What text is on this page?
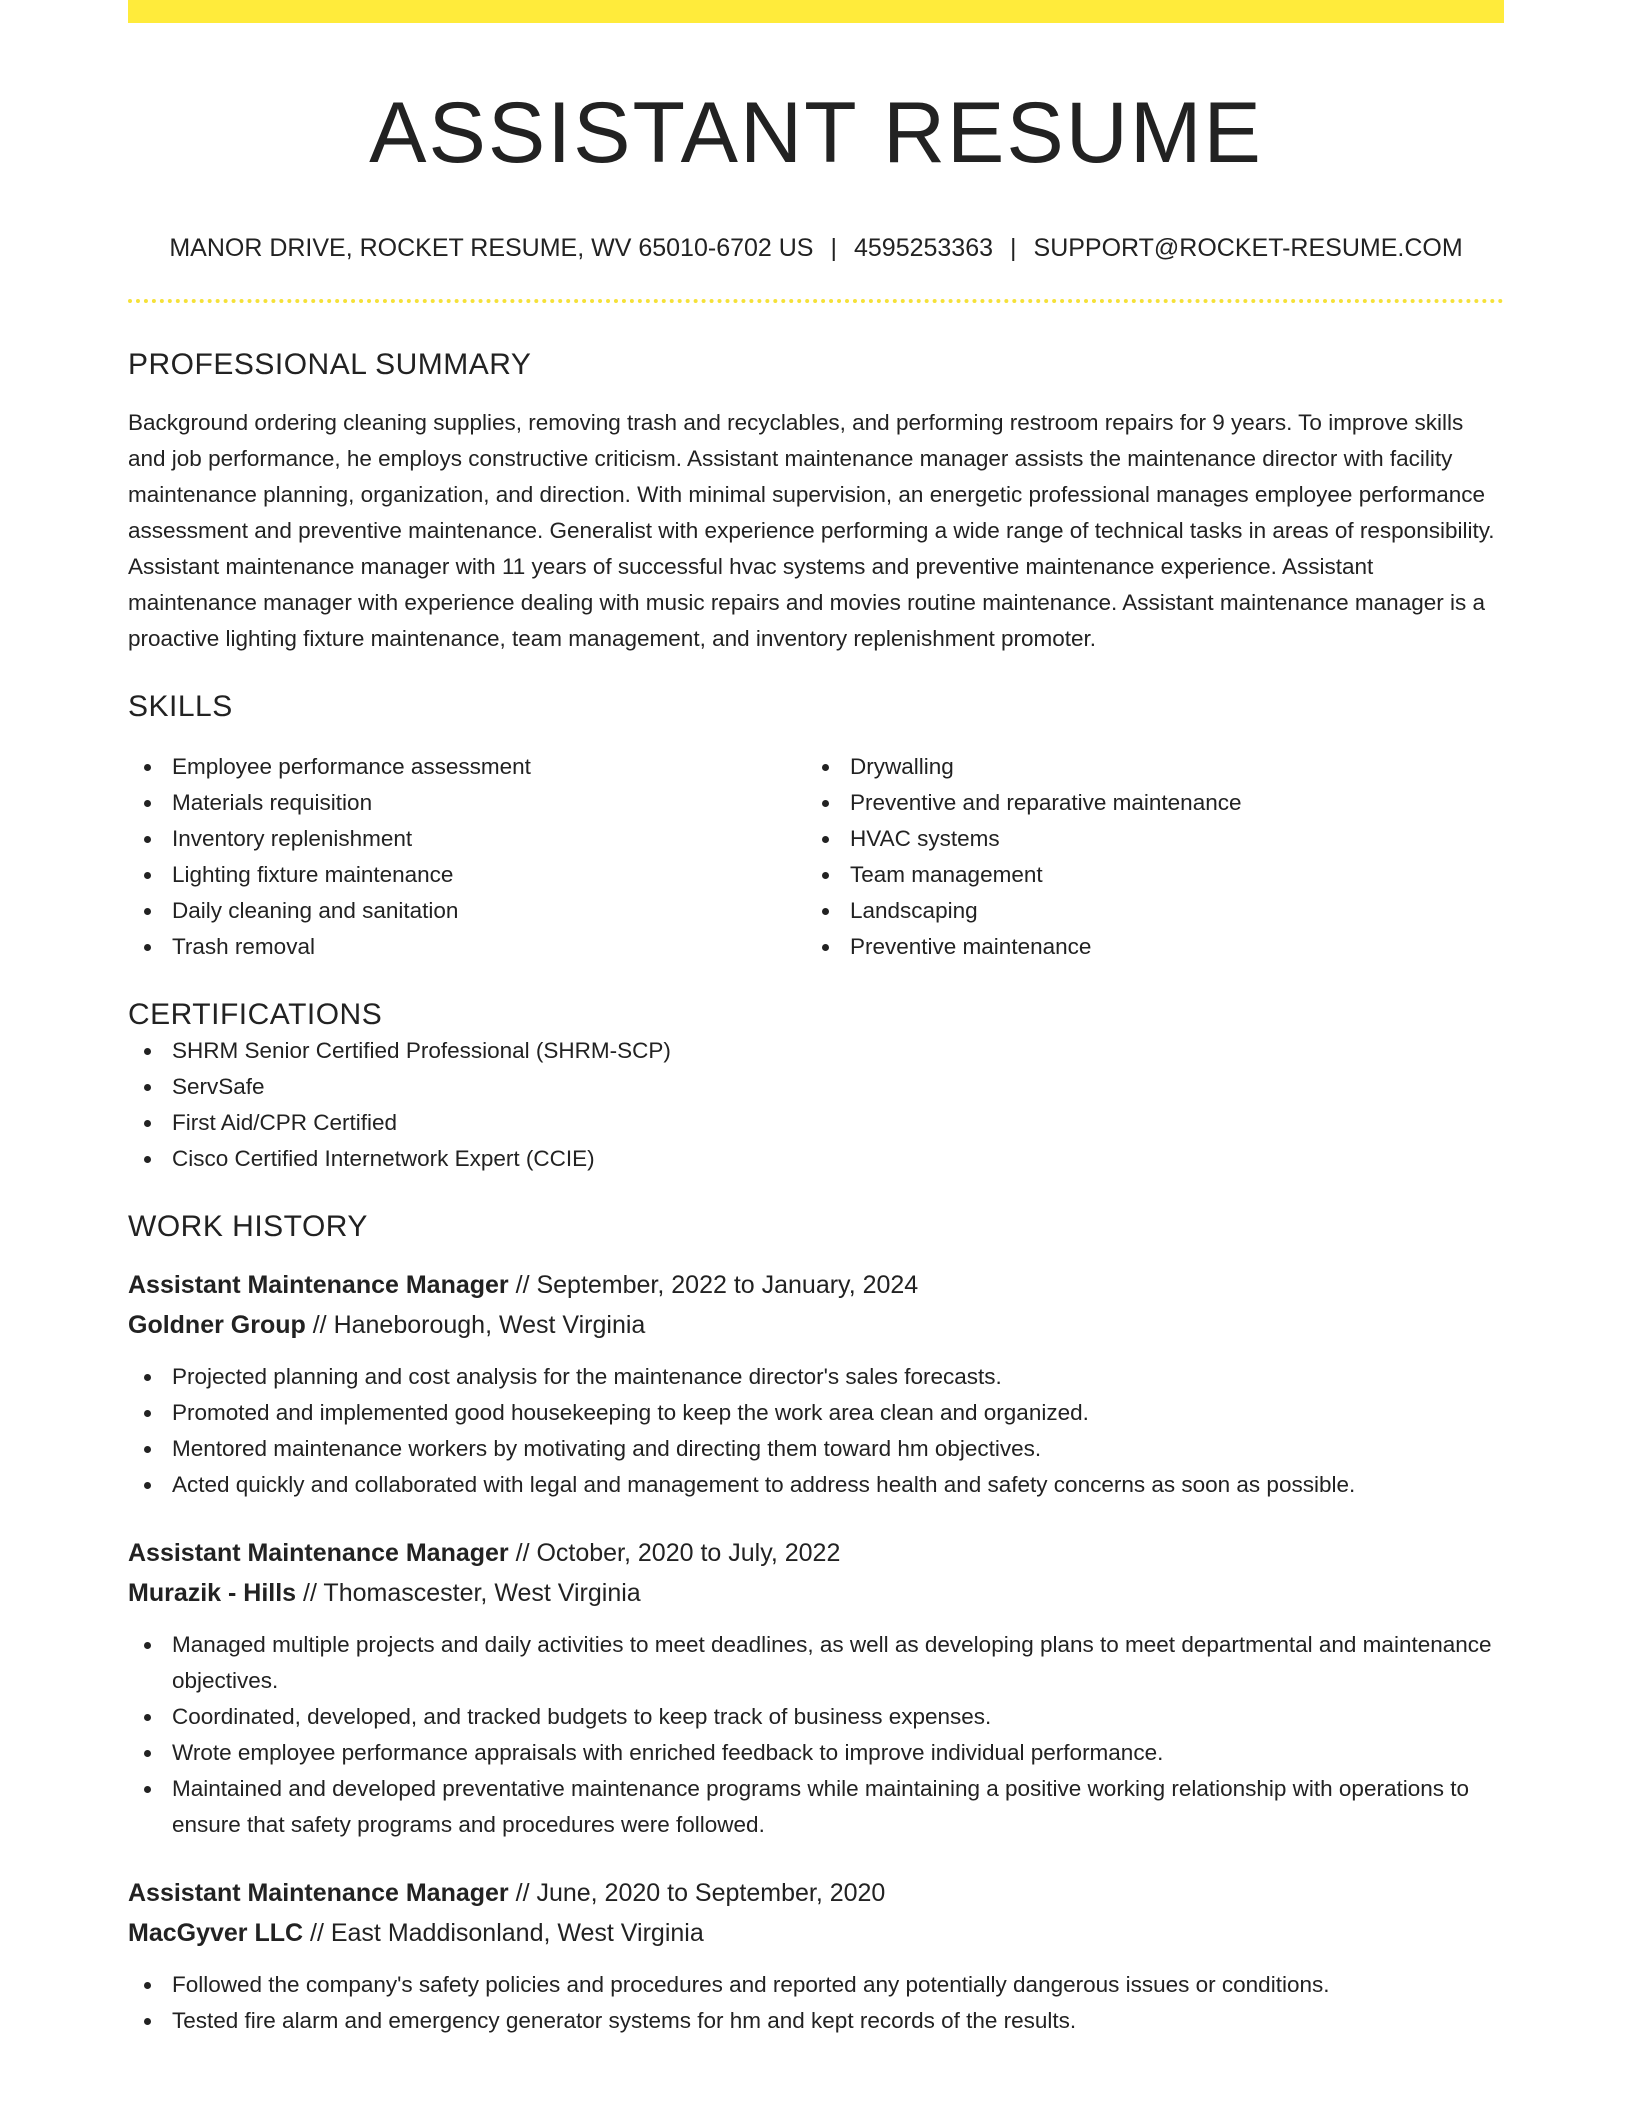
ASSISTANT RESUME
MANOR DRIVE, ROCKET RESUME, WV 65010-6702 US | 4595253363 | SUPPORT@ROCKET-RESUME.COM
PROFESSIONAL SUMMARY

Background ordering cleaning supplies, removing trash and recyclables, and performing restroom repairs for 9 years. To improve skills and job performance, he employs constructive criticism. Assistant maintenance manager assists the maintenance director with facility maintenance planning, organization, and direction. With minimal supervision, an energetic professional manages employee performance assessment and preventive maintenance. Generalist with experience performing a wide range of technical tasks in areas of responsibility. Assistant maintenance manager with 11 years of successful hvac systems and preventive maintenance experience. Assistant maintenance manager with experience dealing with music repairs and movies routine maintenance. Assistant maintenance manager is a proactive lighting fixture maintenance, team management, and inventory replenishment promoter.

SKILLS
Employee performance assessment
Materials requisition
Inventory replenishment
Lighting fixture maintenance
Daily cleaning and sanitation
Trash removal
Drywalling
Preventive and reparative maintenance
HVAC systems
Team management
Landscaping
Preventive maintenance
CERTIFICATIONS
SHRM Senior Certified Professional (SHRM-SCP)
ServSafe
First Aid/CPR Certified
Cisco Certified Internetwork Expert (CCIE)
WORK HISTORY
Assistant Maintenance Manager // September, 2022 to January, 2024
Goldner Group // Haneborough, West Virginia
Projected planning and cost analysis for the maintenance director's sales forecasts.
Promoted and implemented good housekeeping to keep the work area clean and organized.
Mentored maintenance workers by motivating and directing them toward hm objectives.
Acted quickly and collaborated with legal and management to address health and safety concerns as soon as possible.
Assistant Maintenance Manager // October, 2020 to July, 2022
Murazik - Hills // Thomascester, West Virginia
Managed multiple projects and daily activities to meet deadlines, as well as developing plans to meet departmental and maintenance objectives.
Coordinated, developed, and tracked budgets to keep track of business expenses.
Wrote employee performance appraisals with enriched feedback to improve individual performance.
Maintained and developed preventative maintenance programs while maintaining a positive working relationship with operations to ensure that safety programs and procedures were followed.
Assistant Maintenance Manager // June, 2020 to September, 2020
MacGyver LLC // East Maddisonland, West Virginia
Followed the company's safety policies and procedures and reported any potentially dangerous issues or conditions.
Tested fire alarm and emergency generator systems for hm and kept records of the results.
